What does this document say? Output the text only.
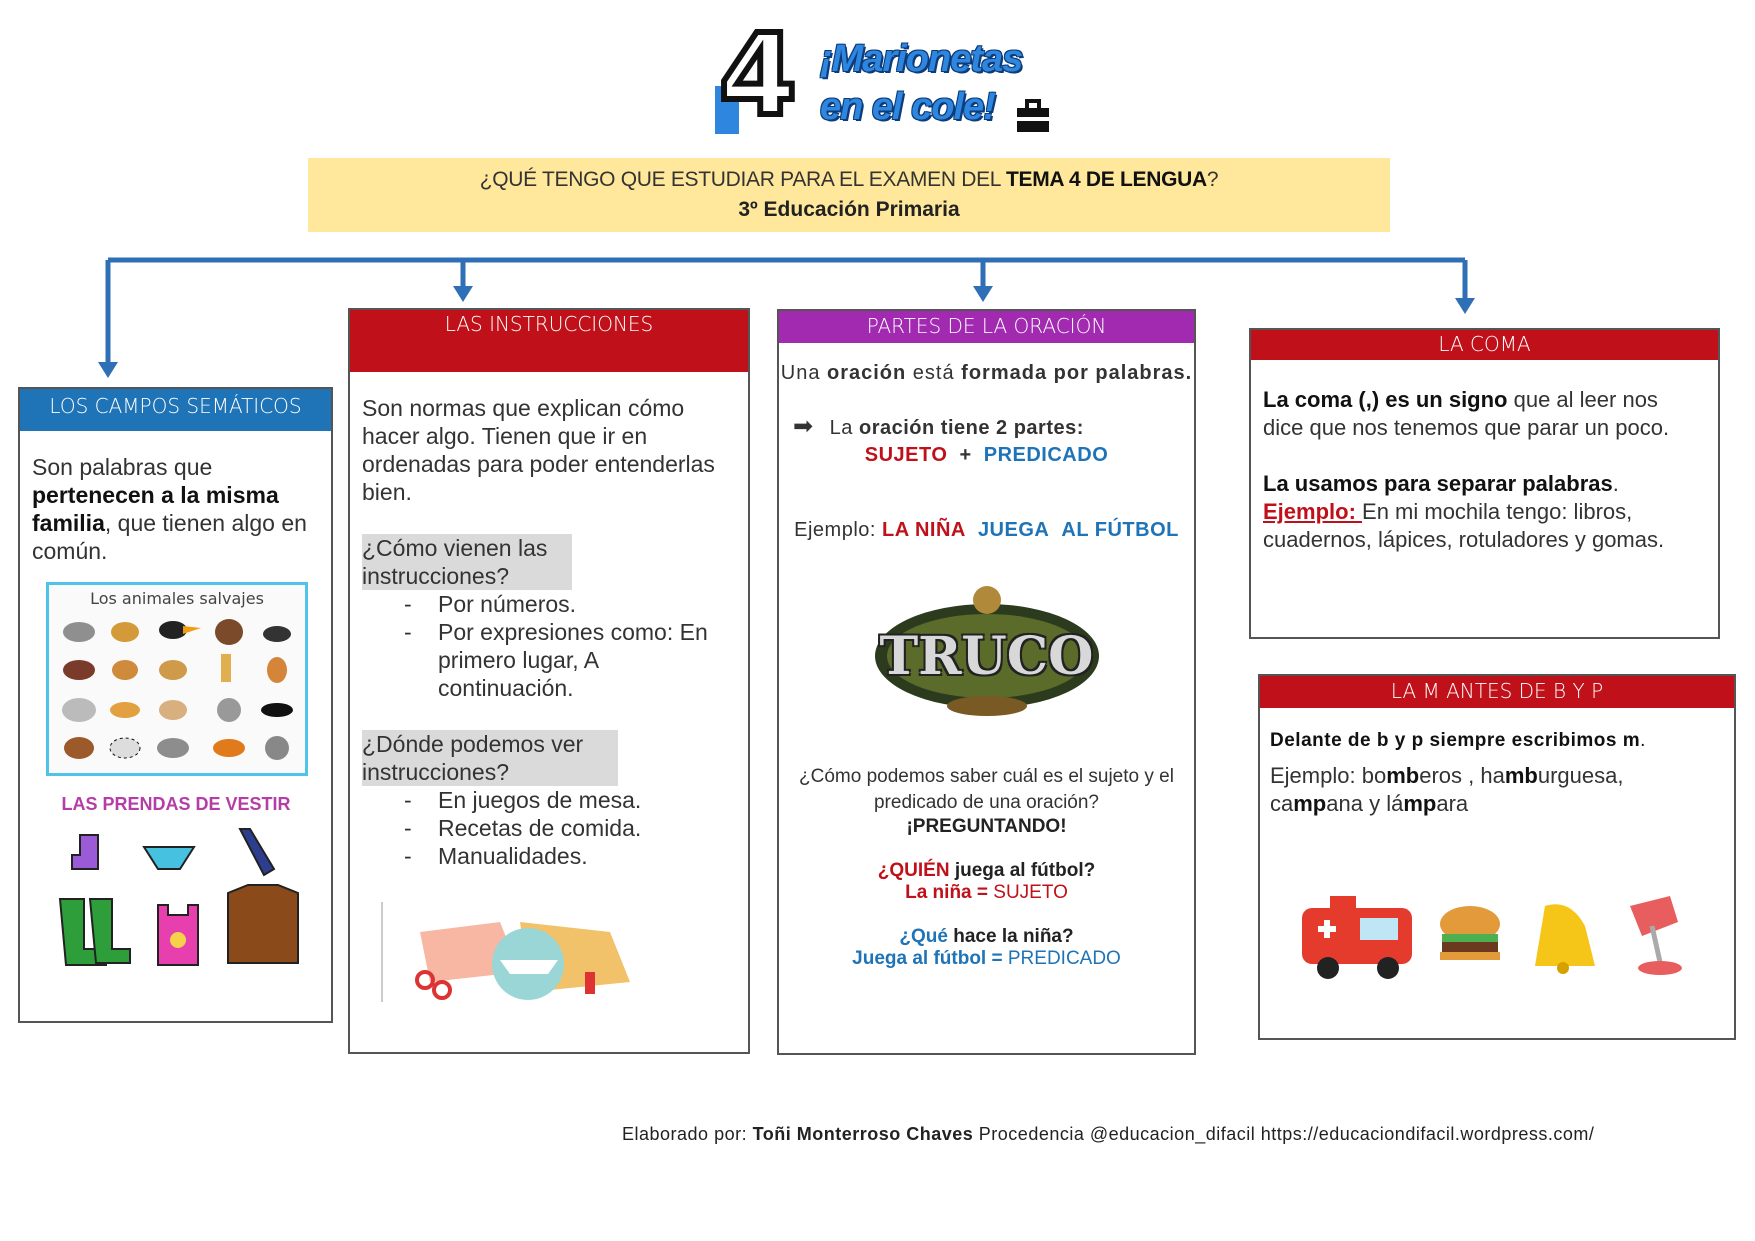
4 ¡Marionetas
en el cole!
¿QUÉ TENGO QUE ESTUDIAR PARA EL EXAMEN DEL TEMA 4 DE LENGUA?
3º Educación Primaria
LOS CAMPOS SEMÁTICOS
Son palabras que pertenecen a la misma familia, que tienen algo en común.
Los animales salvajes
LAS PRENDAS DE VESTIR
LAS INSTRUCCIONES
Son normas que explican cómo hacer algo. Tienen que ir en ordenadas para poder entenderlas bien.
¿Cómo vienen las instrucciones?
- Por números.
- Por expresiones como: En primero lugar, A continuación.
¿Dónde podemos ver instrucciones?
- En juegos de mesa.
- Recetas de comida.
- Manualidades.
PARTES DE LA ORACIÓN
Una oración está formada por palabras.
➡ La oración tiene 2 partes:
SUJETO + PREDICADO
Ejemplo: LA NIÑA JUEGA AL FÚTBOL
TRUCO
¿Cómo podemos saber cuál es el sujeto y el predicado de una oración?
¡PREGUNTANDO!
¿QUIÉN juega al fútbol?
La niña = SUJETO
¿Qué hace la niña?
Juega al fútbol = PREDICADO
LA COMA
La coma (,) es un signo que al leer nos dice que nos tenemos que parar un poco.
La usamos para separar palabras.
Ejemplo: En mi mochila tengo: libros, cuadernos, lápices, rotuladores y gomas.
LA M ANTES DE B Y P
Delante de b y p siempre escribimos m.
Ejemplo: bomberos , hamburguesa, campana y lámpara
Elaborado por: Toñi Monterroso Chaves Procedencia @educacion_difacil https://educaciondifacil.wordpress.com/
